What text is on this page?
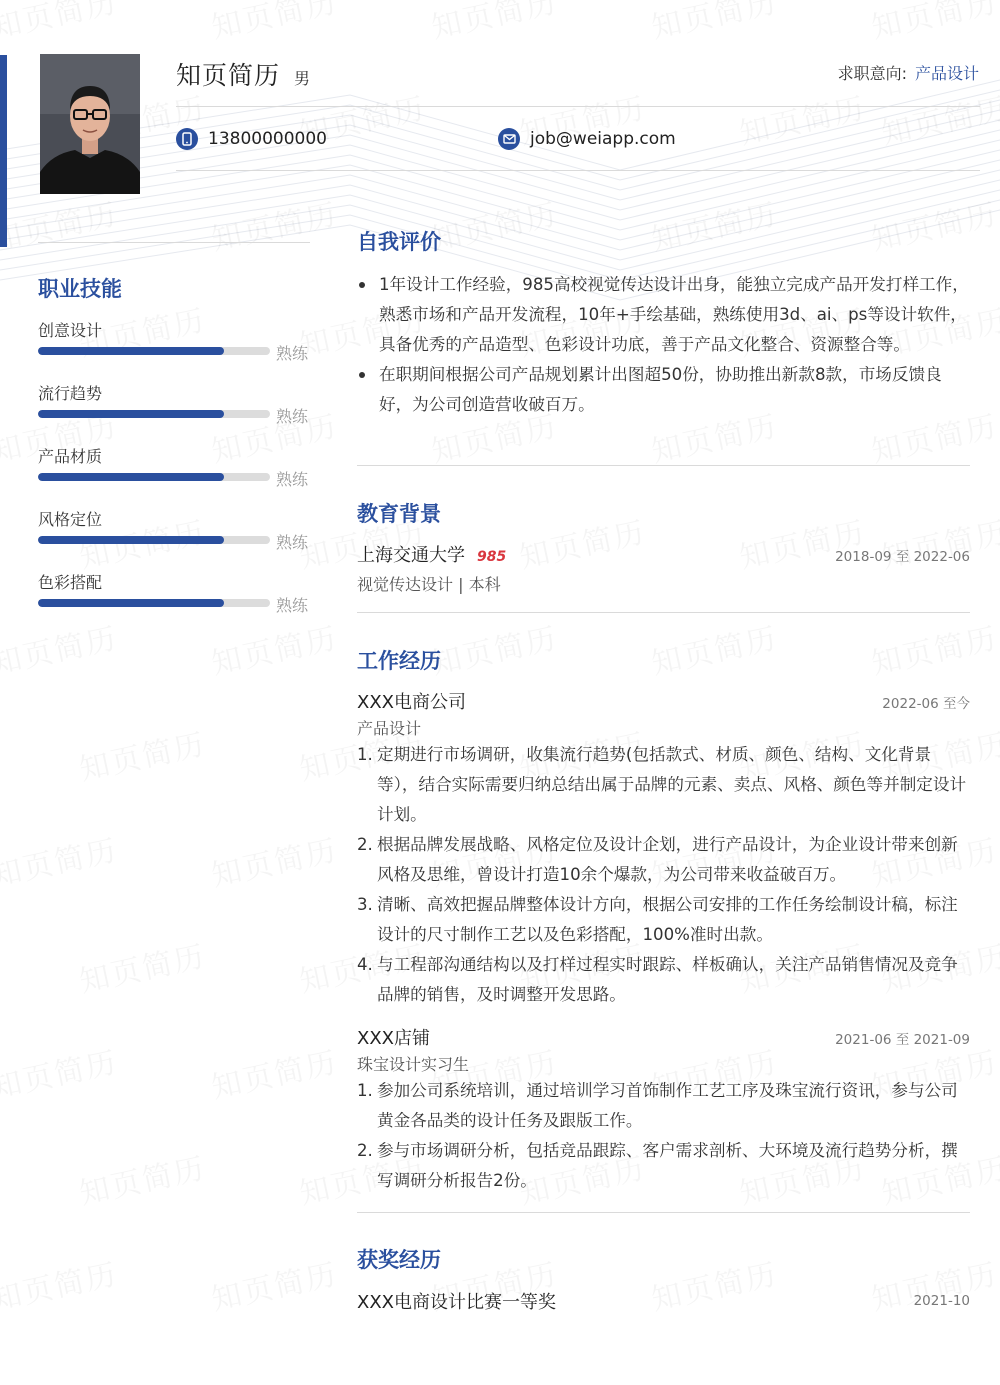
知页简历 男	求职意向: 产品设计
13800000000	job@weiapp.com
职业技能
创意设计
熟练
流行趋势
熟练
产品材质
熟练
风格定位
熟练
色彩搭配
熟练
自我评价
1年设计工作经验，985高校视觉传达设计出身，能独立完成产品开发打样工作，熟悉市场和产品开发流程，10年+手绘基础，熟练使用3d、ai、ps等设计软件，具备优秀的产品造型、色彩设计功底，善于产品文化整合、资源整合等。
在职期间根据公司产品规划累计出图超50份，协助推出新款8款，市场反馈良好，为公司创造营收破百万。
教育背景
上海交通大学 985	2018-09 至 2022-06
视觉传达设计 | 本科
工作经历
XXX电商公司	2022-06 至今
产品设计
1. 定期进行市场调研，收集流行趋势(包括款式、材质、颜色、结构、文化背景等），结合实际需要归纳总结出属于品牌的元素、卖点、风格、颜色等并制定设计计划。
2. 根据品牌发展战略、风格定位及设计企划，进行产品设计，为企业设计带来创新风格及思维，曾设计打造10余个爆款，为公司带来收益破百万。
3. 清晰、高效把握品牌整体设计方向，根据公司安排的工作任务绘制设计稿，标注设计的尺寸制作工艺以及色彩搭配，100%准时出款。
4. 与工程部沟通结构以及打样过程实时跟踪、样板确认，关注产品销售情况及竞争品牌的销售，及时调整开发思路。
XXX店铺	2021-06 至 2021-09
珠宝设计实习生
1. 参加公司系统培训，通过培训学习首饰制作工艺工序及珠宝流行资讯，参与公司黄金各品类的设计任务及跟版工作。
2. 参与市场调研分析，包括竞品跟踪、客户需求剖析、大环境及流行趋势分析，撰写调研分析报告2份。
获奖经历
XXX电商设计比赛一等奖	2021-10
